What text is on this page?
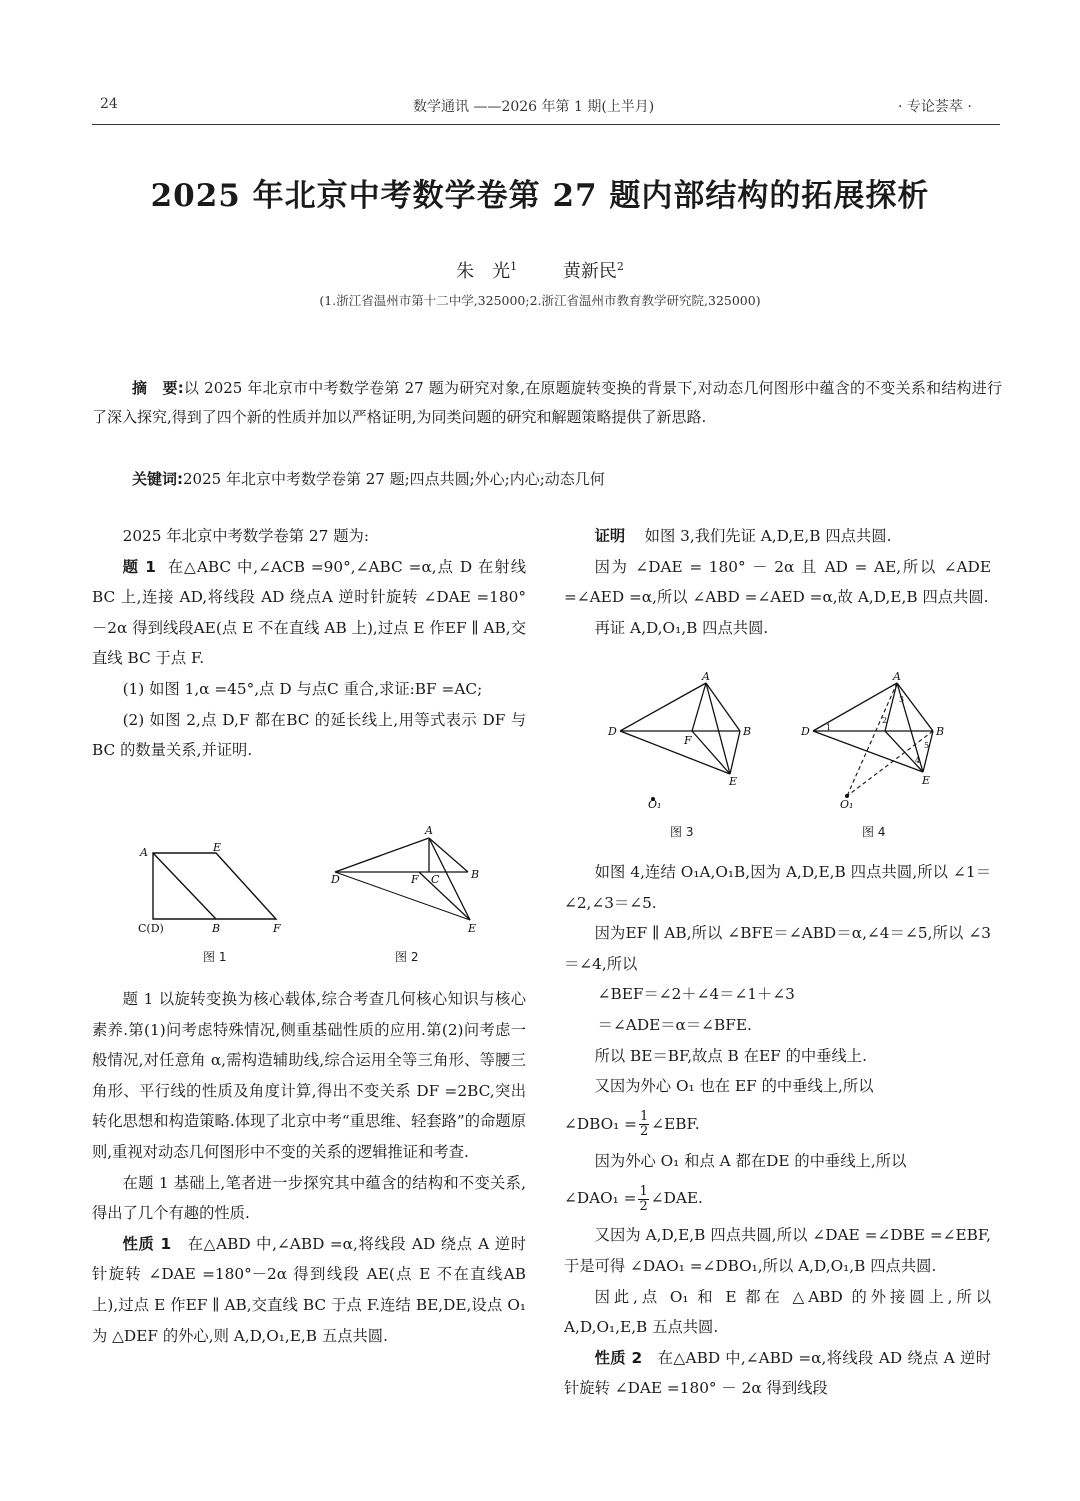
24	数学通讯 ——2026 年第 1 期(上半月)	· 专论荟萃 ·
2025 年北京中考数学卷第 27 题内部结构的拓展探析
朱　光$^1$	黄新民$^2$
(1.浙江省温州市第十二中学,325000;2.浙江省温州市教育教学研究院,325000)
摘　要:以 2025 年北京市中考数学卷第 27 题为研究对象,在原题旋转变换的背景下,对动态几何图形中蕴含的不变关系和结构进行了深入探究,得到了四个新的性质并加以严格证明,为同类问题的研究和解题策略提供了新思路.
关键词:2025 年北京中考数学卷第 27 题;四点共圆;外心;内心;动态几何

2025 年北京中考数学卷第 27 题为:

题 1 在△ABC 中,∠ACB =90°,∠ABC =α,点 D 在射线BC 上,连接 AD,将线段 AD 绕点A 逆时针旋转 ∠DAE =180°－2α 得到线段AE(点 E 不在直线 AB 上),过点 E 作EF ∥ AB,交直线 BC 于点 F.

(1) 如图 1,α =45°,点 D 与点C 重合,求证:BF =AC;

(2) 如图 2,点 D,F 都在BC 的延长线上,用等式表示 DF 与 BC 的数量关系,并证明.

A	E
C(D)	B	F
图 1
A
D	F C	B
E
图 2

题 1 以旋转变换为核心载体,综合考查几何核心知识与核心素养.第(1)问考虑特殊情况,侧重基础性质的应用.第(2)问考虑一般情况,对任意角 α,需构造辅助线,综合运用全等三角形、等腰三角形、平行线的性质及角度计算,得出不变关系 DF =2BC,突出转化思想和构造策略.体现了北京中考“重思维、轻套路”的命题原则,重视对动态几何图形中不变的关系的逻辑推证和考查.

在题 1 基础上,笔者进一步探究其中蕴含的结构和不变关系,得出了几个有趣的性质.

性质 1 在△ABD 中,∠ABD =α,将线段 AD 绕点 A 逆时针旋转 ∠DAE =180°－2α 得到线段 AE(点 E 不在直线AB 上),过点 E 作EF ∥ AB,交直线 BC 于点 F.连结 BE,DE,设点 O₁ 为 △DEF 的外心,则 A,D,O₁,E,B 五点共圆.

证明 如图 3,我们先证 A,D,E,B 四点共圆.

因为 ∠DAE = 180° － 2α 且 AD = AE,所以 ∠ADE =∠AED =α,所以 ∠ABD =∠AED =α,故 A,D,E,B 四点共圆.

再证 A,D,O₁,B 四点共圆.

A
D
F
B
E
O₁
图 3
A
D	B
E
O₁
1
2
3
4
5
图 4

如图 4,连结 O₁A,O₁B,因为 A,D,E,B 四点共圆,所以 ∠1＝∠2,∠3＝∠5.

因为EF ∥ AB,所以 ∠BFE＝∠ABD＝α,∠4＝∠5,所以 ∠3＝∠4,所以

∠BEF＝∠2＋∠4＝∠1＋∠3

＝∠ADE＝α＝∠BFE.

所以 BE＝BF,故点 B 在EF 的中垂线上.

又因为外心 O₁ 也在 EF 的中垂线上,所以

∠DBO₁ = $\frac{1}{2}$ ∠EBF.

因为外心 O₁ 和点 A 都在DE 的中垂线上,所以

∠DAO₁ = $\frac{1}{2}$ ∠DAE.

又因为 A,D,E,B 四点共圆,所以 ∠DAE =∠DBE =∠EBF,于是可得 ∠DAO₁ =∠DBO₁,所以 A,D,O₁,B 四点共圆.

因此,点 O₁ 和 E 都在 △ABD 的外接圆上,所以 A,D,O₁,E,B 五点共圆.

性质 2 在△ABD 中,∠ABD =α,将线段 AD 绕点 A 逆时针旋转 ∠DAE =180° － 2α 得到线段
